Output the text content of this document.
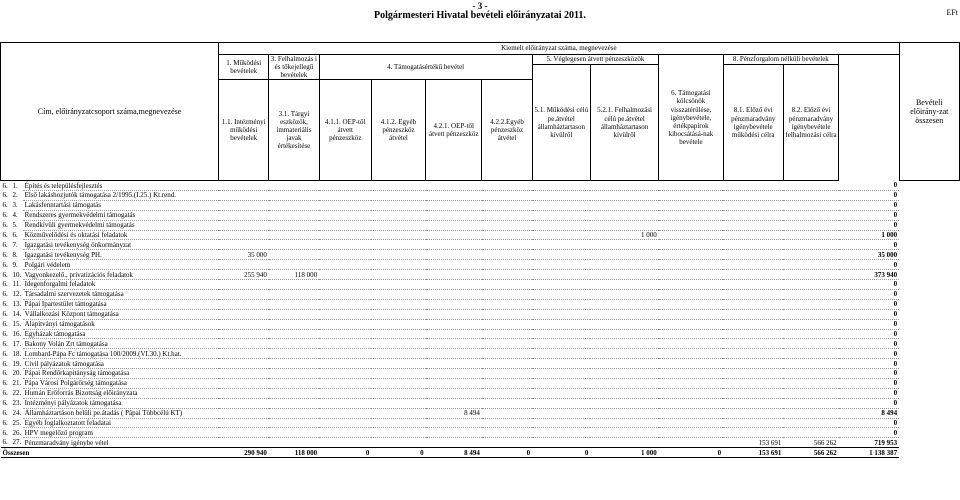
- 3 -
Polgármesteri Hivatal bevételi előirányzatai 2011.	EFt
Cím, előirányzatcsoport száma,megnevezése			Kiemelt előirányzat száma, megnevezése												Bevételi előirány-zat összesen
			1. Működési bevételek	3. Felhalmozás i és tőkejellegű bevételek	4. Támogatásértékű bevétel				5. Véglegesen átvett pénzeszközök		6. Támogatási kölcsönök visszatérülése, igénybevétele, értékpapírok kibocsátásá-nak bevétele	8. Pénzforgalom nélküli bevételek			
									5.1. Működési célú pe.átvétel államháztartason kívülről	5.2.1. Felhalmozási célú pe.átvétel államháztartason kívülről		8.1. Előző évi pénzmaradvány igénybevétele működési célra	8.2. Előző évi pénzmaradvány igénybevétele felhalmozási célra		
			1.1. Intézményi működési bevételek	3.1. Tárgyi eszközök, immateriális javak értékesítése	4.1.1. OEP-től átvett pénzeszköz	4.1.2. Egyéb pénzeszköz átvétel	4.2.1. OEP-től átvett pénzeszköz	4.2.2.Egyéb pénzeszköz átvétel							
6.	1.	Építés és településfejlesztés												0	
6.	2.	Első lakáshozjutók támogatása 2/1995.(I.25.) Kt.rend.												0	
6.	3.	Lakásfenntartási támogatás												0	
6.	4.	Rendszeres gyermekvédelmi támogatás												0	
6.	5.	Rendkívüli gyermekvédelmi támogatás												0	
6.	6.	Közművelődési és oktatási feladatok								1 000				1 000	
6.	7.	Igazgatási tevékenység önkormányzat												0	
6.	8.	Igazgatási tevékenység PH.	35 000											35 000	
6.	9.	Polgári védelem												0	
6.	10.	Vagyonkezelő., privatizációs feladatok	255 940	118 000										373 940	
6.	11.	Idegenforgalmi feladatok												0	
6.	12.	Társadalmi szervezetek támogatása												0	
6.	13.	Pápai Ipartestület támogatása												0	
6.	14.	Vállalkozási Központ támogatása												0	
6.	15.	Alapítványi támogatások												0	
6.	16.	Egyházak támogatása												0	
6.	17.	Bakony Volán Zrt támogatása												0	
6.	18.	Lombard-Pápa Fc támogatása 100/2009.(VI.30.) Kt.hat.												0	
6.	19.	Civil pályázatok támogatása												0	
6.	20.	Pápai Rendőrkapitányság támogatása												0	
6.	21.	Pápa Városi Polgárőrség támogatása												0	
6.	22.	Humán Erőforrás Bizottság előirányzata												0	
6.	23.	Intézményi pályázatok támogatása												0	
6.	24.	Államháztartáson belüli pe.átadás ( Pápai Többcélú KT)					8 494							8 494	
6.	25.	Egyéb foglalkoztatott feladatai												0	
6.	26.	HPV megelőző program												0	
6.	27.	Pénzmaradvány igénybe vétel										153 691	566 262	719 953	
Összesen			290 940	118 000	0	0	8 494	0	0	1 000	0	153 691	566 262	1 138 387	
